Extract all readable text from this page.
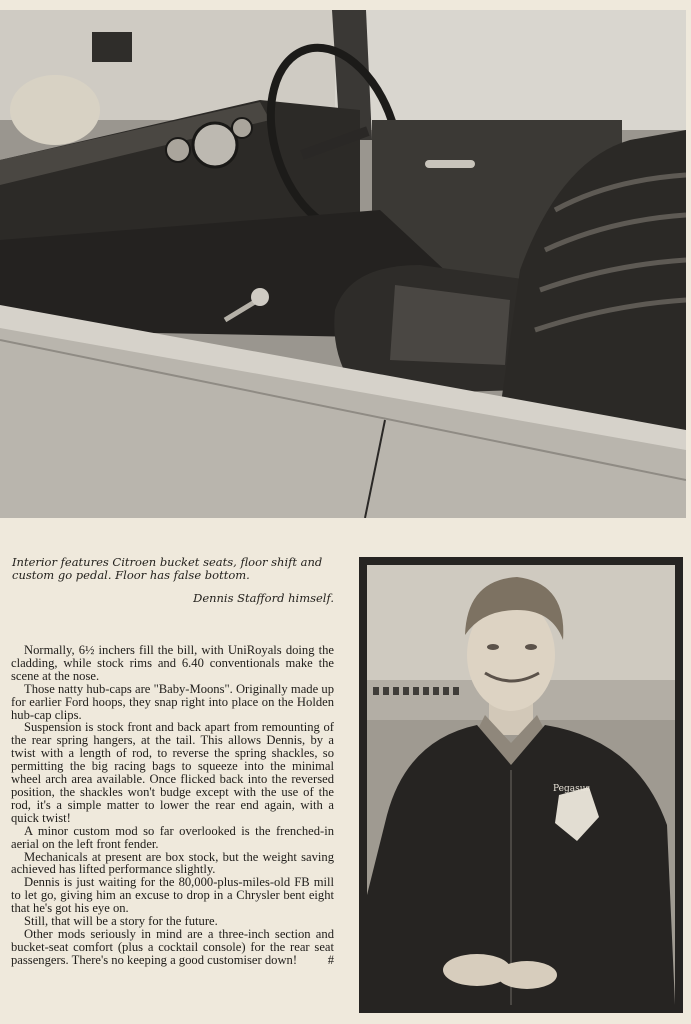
Interior features Citroen bucket seats, floor shift and custom go pedal. Floor has false bottom.
Dennis Stafford himself.

Normally, 6½ inchers fill the bill, with UniRoyals doing the cladding, while stock rims and 6.40 conventionals make the scene at the nose.

Those natty hub-caps are "Baby-Moons". Originally made up for earlier Ford hoops, they snap right into place on the Holden hub-cap clips.

Suspension is stock front and back apart from remounting of the rear spring hangers, at the tail. This allows Dennis, by a twist with a length of rod, to reverse the spring shackles, so permitting the big racing bags to squeeze into the minimal wheel arch area available. Once flicked back into the reversed position, the shackles won't budge except with the use of the rod, it's a simple matter to lower the rear end again, with a quick twist!

A minor custom mod so far overlooked is the frenched-in aerial on the left front fender.

Mechanicals at present are box stock, but the weight saving achieved has lifted performance slightly.

Dennis is just waiting for the 80,000-plus-miles-old FB mill to let go, giving him an excuse to drop in a Chrysler bent eight that he's got his eye on.

Still, that will be a story for the future.

Other mods seriously in mind are a three-inch section and bucket-seat comfort (plus a cocktail console) for the rear seat passengers. There's no keeping a good customiser down!	#

Pegasus
